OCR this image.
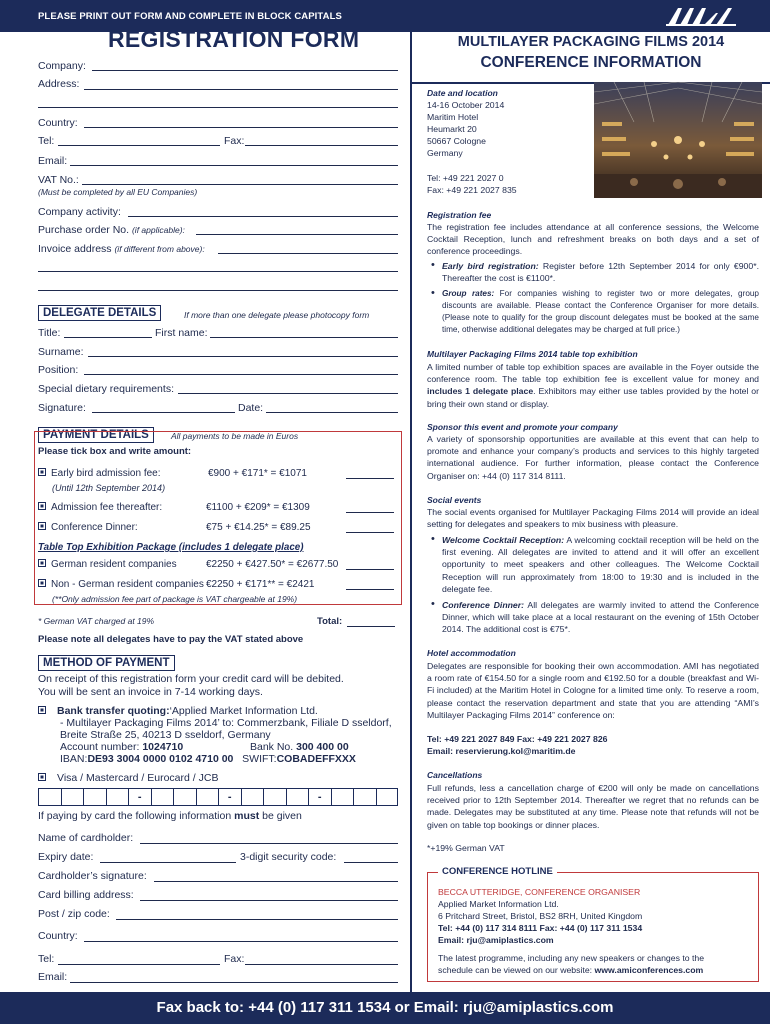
PLEASE PRINT OUT FORM AND COMPLETE IN BLOCK CAPITALS
REGISTRATION FORM
Company:
Address:
Country:
Tel:	Fax:
Email:
VAT No.:
(Must be completed by all EU Companies)
Company activity:
Purchase order No. (if applicable):
Invoice address (if different from above):
DELEGATE DETAILS	If more than one delegate please photocopy form
Title:	First name:
Surname:
Position:
Special dietary requirements:
Signature:	Date:
PAYMENT DETAILS	All payments to be made in Euros
Please tick box and write amount:
Early bird admission fee:	€900 + €171* = €1071
(Until 12th September 2014)
Admission fee thereafter:	€1100 + €209* = €1309
Conference Dinner:	€75 + €14.25* = €89.25
Table Top Exhibition Package (includes 1 delegate place)
German resident companies	€2250 + €427.50* = €2677.50
Non - German resident companies €2250 + €171** = €2421
(**Only admission fee part of package is VAT chargeable at 19%)
* German VAT charged at 19%	Total:
Please note all delegates have to pay the VAT stated above
METHOD OF PAYMENT
On receipt of this registration form your credit card will be debited.
You will be sent an invoice in 7-14 working days.
Bank transfer quoting:‘Applied Market Information Ltd.
- Multilayer Packaging Films 2014’ to: Commerzbank, Filiale D sseldorf,
Breite Straße 25, 40213 D sseldorf, Germany
Account number: 1024710	Bank No. 300 400 00
IBAN:DE93 3004 0000 0102 4710 00 SWIFT:COBADEFFXXX
Visa / Mastercard / Eurocard / JCB
-	-	-
If paying by card the following information must be given
Name of cardholder:
Expiry date:	3-digit security code:
Cardholder’s signature:
Card billing address:
Post / zip code:
Country:
Tel:	Fax:
Email:
MULTILAYER PACKAGING FILMS 2014
CONFERENCE INFORMATION
Date and location
14-16 October 2014
Maritim Hotel
Heumarkt 20
50667 Cologne
Germany
Tel: +49 221 2027 0
Fax: +49 221 2027 835
Registration fee
The registration fee includes attendance at all conference sessions, the Welcome Cocktail Reception, lunch and refreshment breaks on both days and a set of conference proceedings.
• Early bird registration: Register before 12th September 2014 for only €900*. Thereafter the cost is €1100*.
• Group rates: For companies wishing to register two or more delegates, group discounts are available. Please contact the Conference Organiser for more details. (Please note to qualify for the group discount delegates must be booked at the same time, otherwise additional delegates may be charged at full price.)
Multilayer Packaging Films 2014 table top exhibition
A limited number of table top exhibition spaces are available in the Foyer outside the conference room. The table top exhibition fee is excellent value for money and includes 1 delegate place. Exhibitors may either use tables provided by the hotel or bring their own stand or display.
Sponsor this event and promote your company
A variety of sponsorship opportunities are available at this event that can help to promote and enhance your company’s products and services to this highly targeted international audience. For further information, please contact the Conference Organiser on: +44 (0) 117 314 8111.
Social events
The social events organised for Multilayer Packaging Films 2014 will provide an ideal setting for delegates and speakers to mix business with pleasure.
• Welcome Cocktail Reception: A welcoming cocktail reception will be held on the first evening. All delegates are invited to attend and it will offer an excellent opportunity to meet speakers and other colleagues. The Welcome Cocktail Reception will run approximately from 18:00 to 19:30 and is included in the delegate fee.
• Conference Dinner: All delegates are warmly invited to attend the Conference Dinner, which will take place at a local restaurant on the evening of 15th October 2014. The additional cost is €75*.
Hotel accommodation
Delegates are responsible for booking their own accommodation. AMI has negotiated a room rate of €154.50 for a single room and €192.50 for a double (breakfast and Wi-Fi included) at the Maritim Hotel in Cologne for a limited time only. To reserve a room, please contact the reservation department and state that you are attending “AMI’s Multilayer Packaging Films 2014” conference on:
Tel: +49 221 2027 849 Fax: +49 221 2027 826
Email: reservierung.kol@maritim.de
Cancellations
Full refunds, less a cancellation charge of €200 will only be made on cancellations received prior to 12th September 2014. Thereafter we regret that no refunds can be made. Delegates may be substituted at any time. Please note that refunds will not be given on table top bookings or dinner places.
*+19% German VAT
CONFERENCE HOTLINE
BECCA UTTERIDGE, CONFERENCE ORGANISER
Applied Market Information Ltd.
6 Pritchard Street, Bristol, BS2 8RH, United Kingdom
Tel: +44 (0) 117 314 8111 Fax: +44 (0) 117 311 1534
Email: rju@amiplastics.com
The latest programme, including any new speakers or changes to the
schedule can be viewed on our website: www.amiconferences.com
Fax back to: +44 (0) 117 311 1534 or Email: rju@amiplastics.com
